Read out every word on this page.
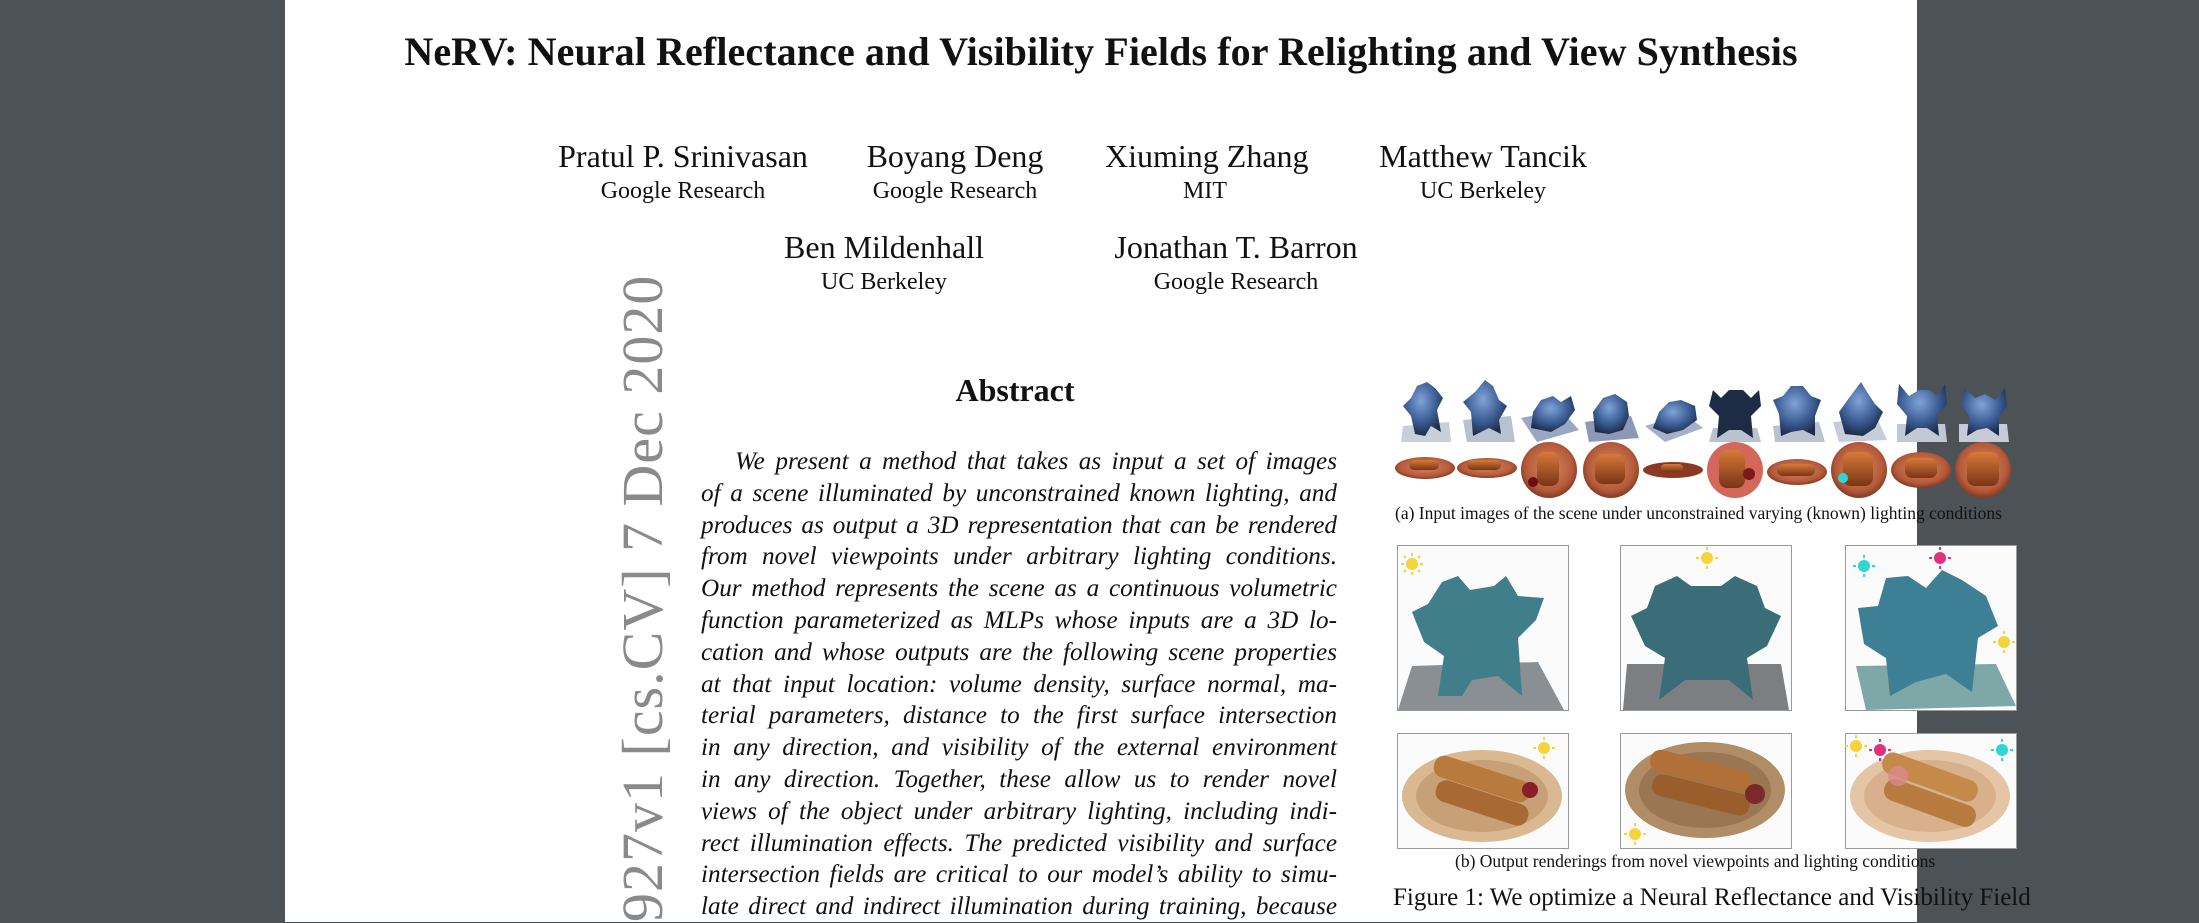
NeRV: Neural Reflectance and Visibility Fields for Relighting and View Synthesis
Pratul P. Srinivasan
Google Research
Boyang Deng
Google Research
Xiuming Zhang
MIT
Matthew Tancik
UC Berkeley
Ben Mildenhall
UC Berkeley
Jonathan T. Barron
Google Research
927v1 [cs.CV] 7 Dec 2020	Abstract
We present a method that takes as input a set of images
of a scene illuminated by unconstrained known lighting, and
produces as output a 3D representation that can be rendered
from novel viewpoints under arbitrary lighting conditions.
Our method represents the scene as a continuous volumetric
function parameterized as MLPs whose inputs are a 3D lo-
cation and whose outputs are the following scene properties
at that input location: volume density, surface normal, ma-
terial parameters, distance to the first surface intersection
in any direction, and visibility of the external environment
in any direction. Together, these allow us to render novel
views of the object under arbitrary lighting, including indi-
rect illumination effects. The predicted visibility and surface
intersection fields are critical to our model’s ability to simu-
late direct and indirect illumination during training, because
(a) Input images of the scene under unconstrained varying (known) lighting conditions
(b) Output renderings from novel viewpoints and lighting conditions
Figure 1: We optimize a Neural Reflectance and Visibility Field
